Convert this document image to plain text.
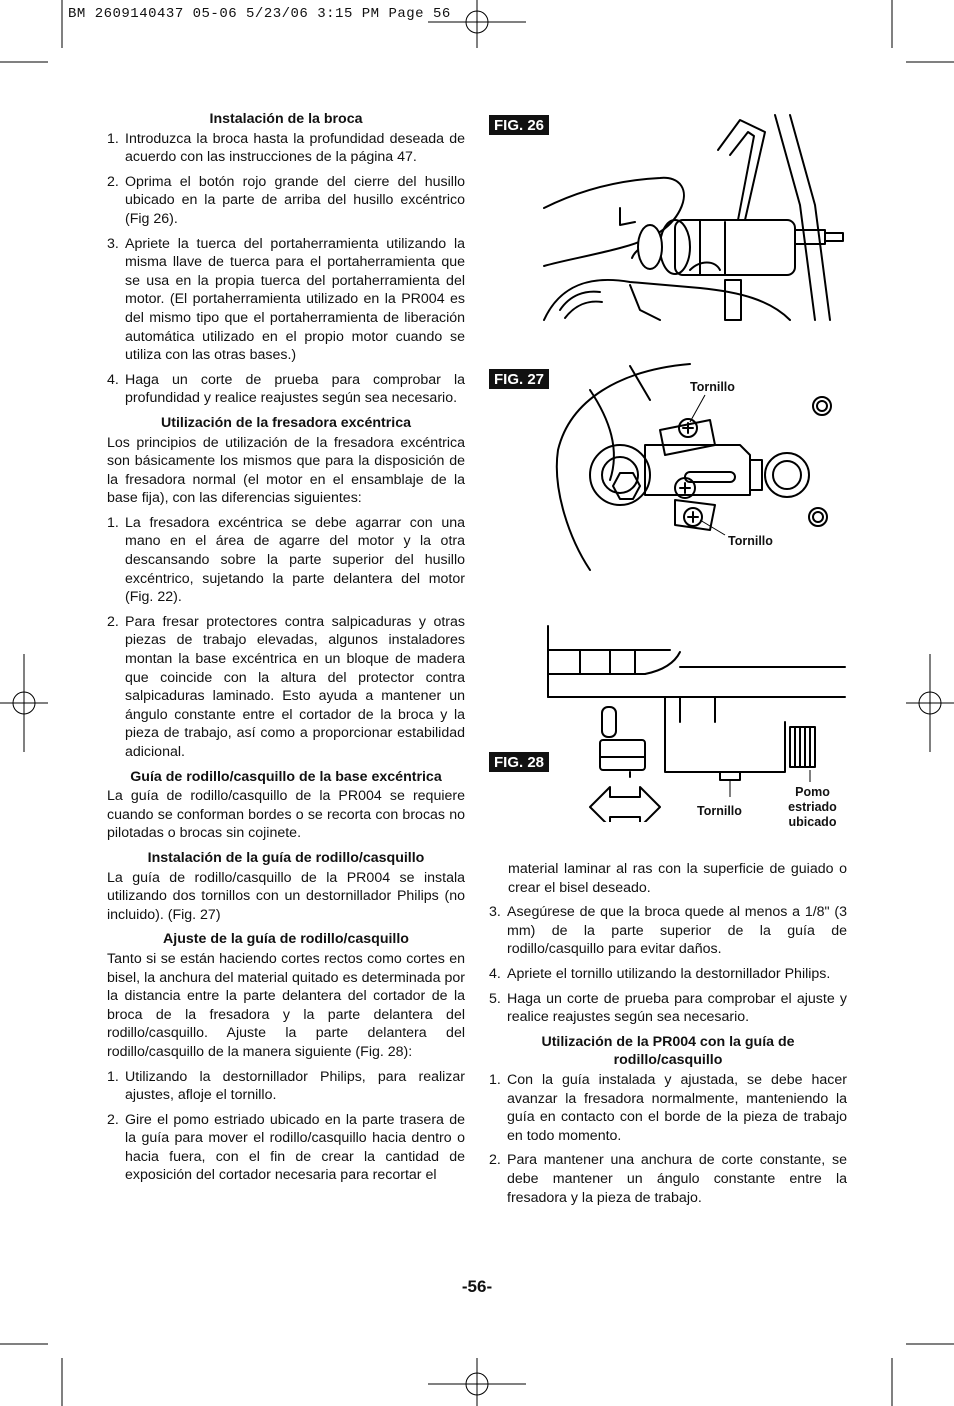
BM 2609140437 05-06 5/23/06 3:15 PM Page 56
Instalación de la broca
1. Introduzca la broca hasta la profundidad deseada de acuerdo con las instrucciones de la página 47.
2. Oprima el botón rojo grande del cierre del husillo ubicado en la parte de arriba del husillo excéntrico (Fig 26).
3. Apriete la tuerca del portaherramienta utilizando la misma llave de tuerca para el portaherramienta que se usa en la propia tuerca del portaherramienta del motor. (El portaherramienta utilizado en la PR004 es del mismo tipo que el portaherramienta de liberación automática utilizado en el propio motor cuando se utiliza con las otras bases.)
4. Haga un corte de prueba para comprobar la profundidad y realice reajustes según sea necesario.
Utilización de la fresadora excéntrica
Los principios de utilización de la fresadora excéntrica son básicamente los mismos que para la disposición de la fresadora normal (el motor en el ensamblaje de la base fija), con las diferencias siguientes:
1. La fresadora excéntrica se debe agarrar con una mano en el área de agarre del motor y la otra descansando sobre la parte superior del husillo excéntrico, sujetando la parte delantera del motor (Fig. 22).
2. Para fresar protectores contra salpicaduras y otras piezas de trabajo elevadas, algunos instaladores montan la base excéntrica en un bloque de madera que coincide con la altura del protector contra salpicaduras laminado. Esto ayuda a mantener un ángulo constante entre el cortador de la broca y la pieza de trabajo, así como a proporcionar estabilidad adicional.
Guía de rodillo/casquillo de la base excéntrica
La guía de rodillo/casquillo de la PR004 se requiere cuando se conforman bordes o se recorta con brocas no pilotadas o brocas sin cojinete.
Instalación de la guía de rodillo/casquillo
La guía de rodillo/casquillo de la PR004 se instala utilizando dos tornillos con un destornillador Philips (no incluido). (Fig. 27)
Ajuste de la guía de rodillo/casquillo
Tanto si se están haciendo cortes rectos como cortes en bisel, la anchura del material quitado es determinada por la distancia entre la parte delantera del cortador de la broca de la fresadora y la parte delantera del rodillo/casquillo. Ajuste la parte delantera del rodillo/casquillo de la manera siguiente (Fig. 28):
1. Utilizando la destornillador Philips, para realizar ajustes, afloje el tornillo.
2. Gire el pomo estriado ubicado en la parte trasera de la guía para mover el rodillo/casquillo hacia dentro o hacia fuera, con el fin de crear la cantidad de exposición del cortador necesaria para recortar el
material laminar al ras con la superficie de guiado o crear el bisel deseado.
3. Asegúrese de que la broca quede al menos a 1/8" (3 mm) de la parte superior de la guía de rodillo/casquillo para evitar daños.
4. Apriete el tornillo utilizando la destornillador Philips.
5. Haga un corte de prueba para comprobar el ajuste y realice reajustes según sea necesario.
Utilización de la PR004 con la guía de
rodillo/casquillo
1. Con la guía instalada y ajustada, se debe hacer avanzar la fresadora normalmente, manteniendo la guía en contacto con el borde de la pieza de trabajo en todo momento.
2. Para mantener una anchura de corte constante, se debe mantener un ángulo constante entre la fresadora y la pieza de trabajo.
FIG. 26
FIG. 27	Tornillo
Tornillo
FIG. 28
Tornillo
Pomo
estriado
ubicado
-56-
